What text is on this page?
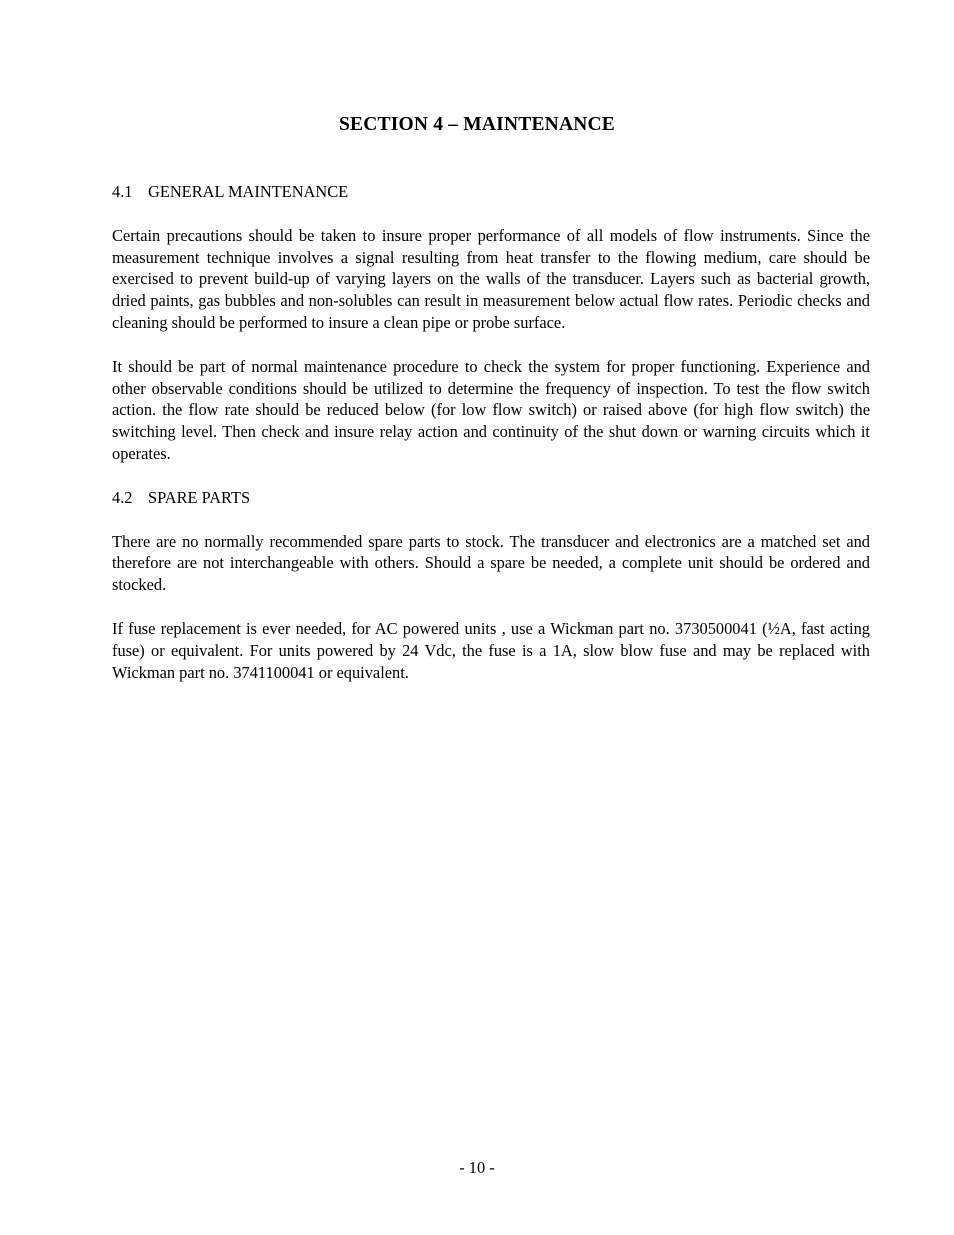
SECTION 4 – MAINTENANCE

4.1 GENERAL MAINTENANCE

Certain precautions should be taken to insure proper performance of all models of flow instruments. Since the measurement technique involves a signal resulting from heat transfer to the flowing medium, care should be exercised to prevent build-up of varying layers on the walls of the transducer. Layers such as bacterial growth, dried paints, gas bubbles and non-solubles can result in measurement below actual flow rates. Periodic checks and cleaning should be performed to insure a clean pipe or probe surface.

It should be part of normal maintenance procedure to check the system for proper functioning. Experience and other observable conditions should be utilized to determine the frequency of inspection. To test the flow switch action. the flow rate should be reduced below (for low flow switch) or raised above (for high flow switch) the switching level. Then check and insure relay action and continuity of the shut down or warning circuits which it operates.

4.2 SPARE PARTS

There are no normally recommended spare parts to stock. The transducer and electronics are a matched set and therefore are not interchangeable with others. Should a spare be needed, a complete unit should be ordered and stocked.

If fuse replacement is ever needed, for AC powered units , use a Wickman part no. 3730500041 (½A, fast acting fuse) or equivalent. For units powered by 24 Vdc, the fuse is a 1A, slow blow fuse and may be replaced with Wickman part no. 3741100041 or equivalent.

- 10 -
